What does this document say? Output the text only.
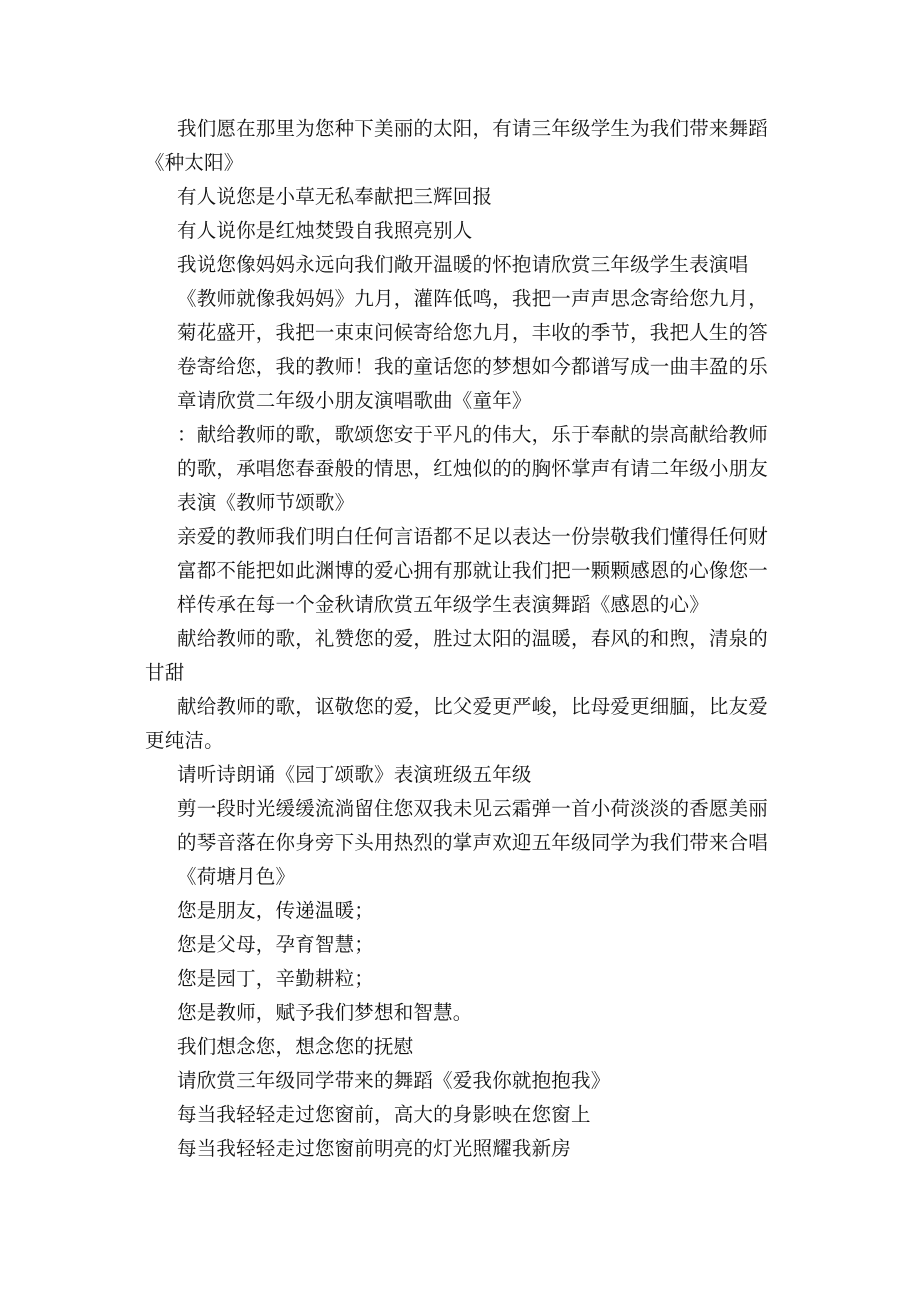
我们愿在那里为您种下美丽的太阳，有请三年级学生为我们带来舞蹈
《种太阳》
有人说您是小草无私奉献把三辉回报
有人说你是红烛焚毁自我照亮别人
我说您像妈妈永远向我们敞开温暖的怀抱请欣赏三年级学生表演唱
《教师就像我妈妈》九月，灌阵低鸣，我把一声声思念寄给您九月，
菊花盛开，我把一束束问候寄给您九月，丰收的季节，我把人生的答
卷寄给您，我的教师！我的童话您的梦想如今都谱写成一曲丰盈的乐
章请欣赏二年级小朋友演唱歌曲《童年》
：献给教师的歌，歌颂您安于平凡的伟大，乐于奉献的崇高献给教师
的歌，承唱您春蚕般的情思，红烛似的的胸怀掌声有请二年级小朋友
表演《教师节颂歌》
亲爱的教师我们明白任何言语都不足以表达一份崇敬我们懂得任何财
富都不能把如此渊博的爱心拥有那就让我们把一颗颗感恩的心像您一
样传承在每一个金秋请欣赏五年级学生表演舞蹈《感恩的心》
献给教师的歌，礼赞您的爱，胜过太阳的温暖，春风的和煦，清泉的
甘甜
献给教师的歌，讴敬您的爱，比父爱更严峻，比母爱更细腼，比友爱
更纯洁。
请听诗朗诵《园丁颂歌》表演班级五年级
剪一段时光缓缓流淌留住您双我未见云霜弹一首小荷淡淡的香愿美丽
的琴音落在你身旁下头用热烈的掌声欢迎五年级同学为我们带来合唱
《荷塘月色》
您是朋友，传递温暖；
您是父母，孕育智慧；
您是园丁，辛勤耕粒；
您是教师，赋予我们梦想和智慧。
我们想念您，想念您的抚慰
请欣赏三年级同学带来的舞蹈《爱我你就抱抱我》
每当我轻轻走过您窗前，高大的身影映在您窗上
每当我轻轻走过您窗前明亮的灯光照耀我新房
